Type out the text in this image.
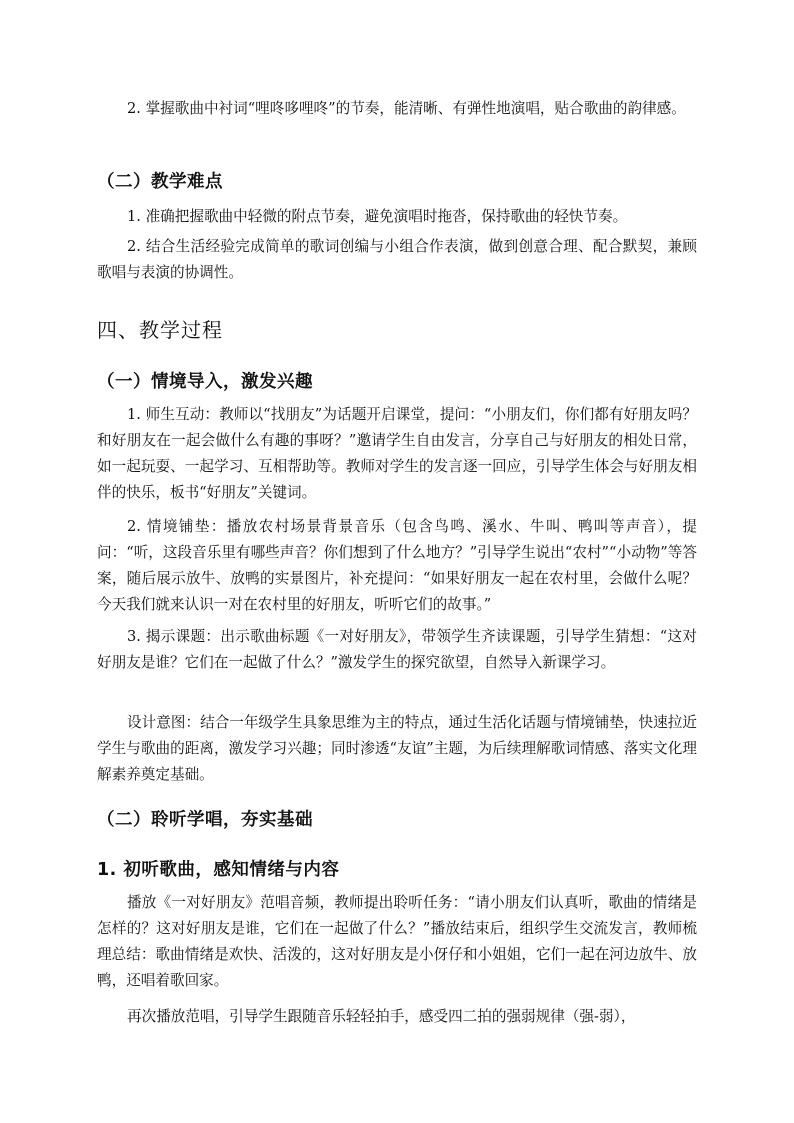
2. 掌握歌曲中衬词“哩咚哆哩咚”的节奏，能清晰、有弹性地演唱，贴合歌曲的韵律感。

（二）教学难点

1. 准确把握歌曲中轻微的附点节奏，避免演唱时拖沓，保持歌曲的轻快节奏。

2. 结合生活经验完成简单的歌词创编与小组合作表演，做到创意合理、配合默契，兼顾歌唱与表演的协调性。

四、教学过程
（一）情境导入，激发兴趣

1. 师生互动：教师以“找朋友”为话题开启课堂，提问：“小朋友们，你们都有好朋友吗？和好朋友在一起会做什么有趣的事呀？”邀请学生自由发言，分享自己与好朋友的相处日常，如一起玩耍、一起学习、互相帮助等。教师对学生的发言逐一回应，引导学生体会与好朋友相伴的快乐，板书“好朋友”关键词。

2. 情境铺垫：播放农村场景背景音乐（包含鸟鸣、溪水、牛叫、鸭叫等声音），提问：“听，这段音乐里有哪些声音？你们想到了什么地方？”引导学生说出“农村”“小动物”等答案，随后展示放牛、放鸭的实景图片，补充提问：“如果好朋友一起在农村里，会做什么呢？今天我们就来认识一对在农村里的好朋友，听听它们的故事。”

3. 揭示课题：出示歌曲标题《一对好朋友》，带领学生齐读课题，引导学生猜想：“这对好朋友是谁？它们在一起做了什么？”激发学生的探究欲望，自然导入新课学习。

设计意图：结合一年级学生具象思维为主的特点，通过生活化话题与情境铺垫，快速拉近学生与歌曲的距离，激发学习兴趣；同时渗透“友谊”主题，为后续理解歌词情感、落实文化理解素养奠定基础。

（二）聆听学唱，夯实基础
1. 初听歌曲，感知情绪与内容

播放《一对好朋友》范唱音频，教师提出聆听任务：“请小朋友们认真听，歌曲的情绪是怎样的？这对好朋友是谁，它们在一起做了什么？”播放结束后，组织学生交流发言，教师梳理总结：歌曲情绪是欢快、活泼的，这对好朋友是小伢仔和小姐姐，它们一起在河边放牛、放鸭，还唱着歌回家。

再次播放范唱，引导学生跟随音乐轻轻拍手，感受四二拍的强弱规律（强-弱），
